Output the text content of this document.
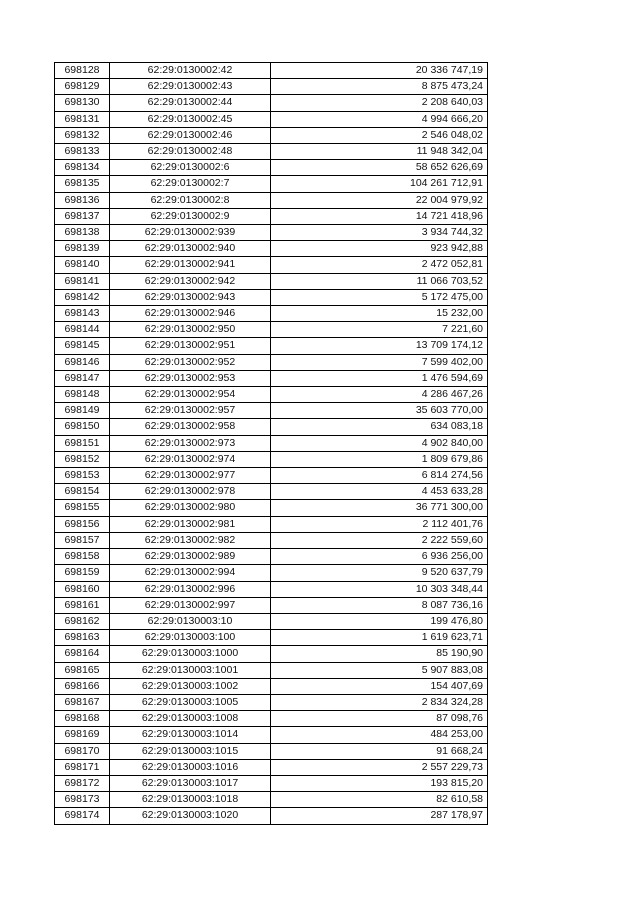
698128	62:29:0130002:42	20 336 747,19
698129	62:29:0130002:43	8 875 473,24
698130	62:29:0130002:44	2 208 640,03
698131	62:29:0130002:45	4 994 666,20
698132	62:29:0130002:46	2 546 048,02
698133	62:29:0130002:48	11 948 342,04
698134	62:29:0130002:6	58 652 626,69
698135	62:29:0130002:7	104 261 712,91
698136	62:29:0130002:8	22 004 979,92
698137	62:29:0130002:9	14 721 418,96
698138	62:29:0130002:939	3 934 744,32
698139	62:29:0130002:940	923 942,88
698140	62:29:0130002:941	2 472 052,81
698141	62:29:0130002:942	11 066 703,52
698142	62:29:0130002:943	5 172 475,00
698143	62:29:0130002:946	15 232,00
698144	62:29:0130002:950	7 221,60
698145	62:29:0130002:951	13 709 174,12
698146	62:29:0130002:952	7 599 402,00
698147	62:29:0130002:953	1 476 594,69
698148	62:29:0130002:954	4 286 467,26
698149	62:29:0130002:957	35 603 770,00
698150	62:29:0130002:958	634 083,18
698151	62:29:0130002:973	4 902 840,00
698152	62:29:0130002:974	1 809 679,86
698153	62:29:0130002:977	6 814 274,56
698154	62:29:0130002:978	4 453 633,28
698155	62:29:0130002:980	36 771 300,00
698156	62:29:0130002:981	2 112 401,76
698157	62:29:0130002:982	2 222 559,60
698158	62:29:0130002:989	6 936 256,00
698159	62:29:0130002:994	9 520 637,79
698160	62:29:0130002:996	10 303 348,44
698161	62:29:0130002:997	8 087 736,16
698162	62:29:0130003:10	199 476,80
698163	62:29:0130003:100	1 619 623,71
698164	62:29:0130003:1000	85 190,90
698165	62:29:0130003:1001	5 907 883,08
698166	62:29:0130003:1002	154 407,69
698167	62:29:0130003:1005	2 834 324,28
698168	62:29:0130003:1008	87 098,76
698169	62:29:0130003:1014	484 253,00
698170	62:29:0130003:1015	91 668,24
698171	62:29:0130003:1016	2 557 229,73
698172	62:29:0130003:1017	193 815,20
698173	62:29:0130003:1018	82 610,58
698174	62:29:0130003:1020	287 178,97
